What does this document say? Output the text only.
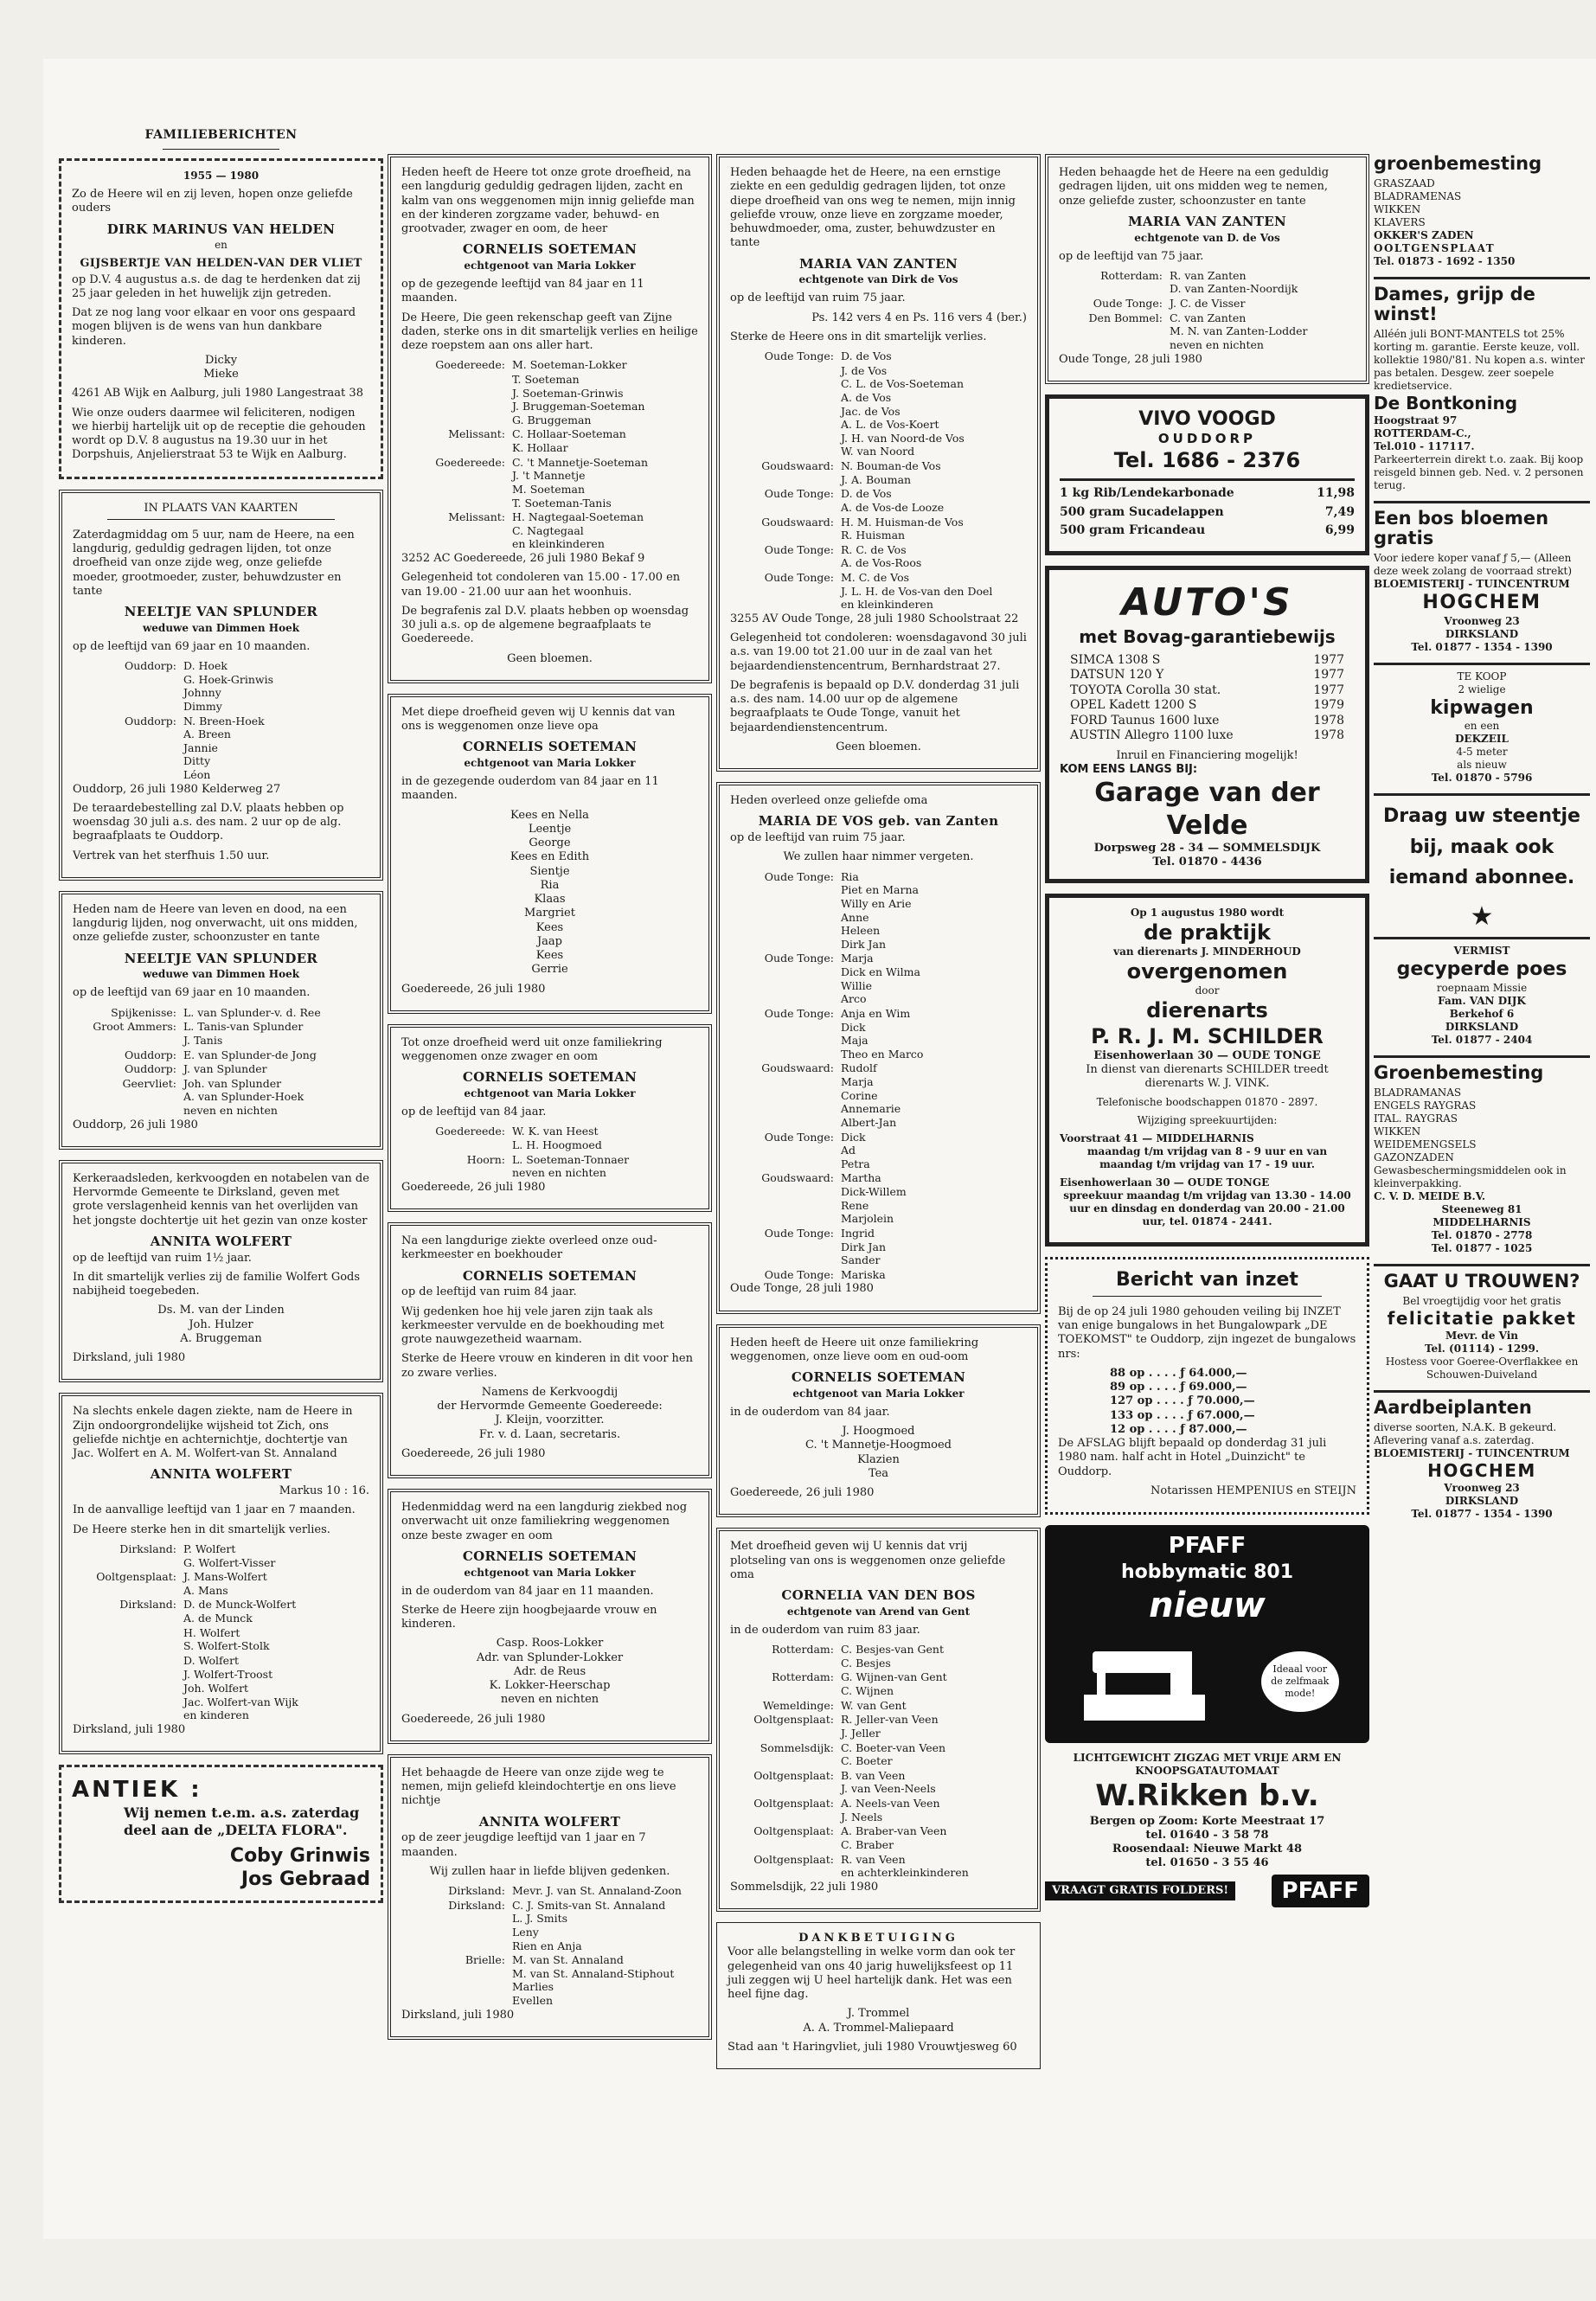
FAMILIEBERICHTEN

1955 — 1980

Zo de Heere wil en zij leven, hopen onze geliefde ouders

DIRK MARINUS VAN HELDEN
en
GIJSBERTJE VAN HELDEN-VAN DER VLIET

op D.V. 4 augustus a.s. de dag te herdenken dat zij 25 jaar geleden in het huwelijk zijn getreden.

Dat ze nog lang voor elkaar en voor ons gespaard mogen blijven is de wens van hun dankbare kinderen.

Dicky
Mieke

4261 AB Wijk en Aalburg, juli 1980 Langestraat 38

Wie onze ouders daarmee wil feliciteren, nodigen we hierbij hartelijk uit op de receptie die gehouden wordt op D.V. 8 augustus na 19.30 uur in het Dorpshuis, Anjelierstraat 53 te Wijk en Aalburg.

IN PLAATS VAN KAARTEN

Zaterdagmiddag om 5 uur, nam de Heere, na een langdurig, geduldig gedragen lijden, tot onze droefheid van onze zijde weg, onze geliefde moeder, grootmoeder, zuster, behuwdzuster en tante

NEELTJE VAN SPLUNDER
weduwe van Dimmen Hoek

op de leeftijd van 69 jaar en 10 maanden.

Ouddorp: D. Hoek
G. Hoek-Grinwis
Johnny
Dimmy
Ouddorp: N. Breen-Hoek
A. Breen
Jannie
Ditty
Léon

Ouddorp, 26 juli 1980 Kelderweg 27

De teraardebestelling zal D.V. plaats hebben op woensdag 30 juli a.s. des nam. 2 uur op de alg. begraafplaats te Ouddorp.

Vertrek van het sterfhuis 1.50 uur.

Heden nam de Heere van leven en dood, na een langdurig lijden, nog onverwacht, uit ons midden, onze geliefde zuster, schoonzuster en tante

NEELTJE VAN SPLUNDER
weduwe van Dimmen Hoek

op de leeftijd van 69 jaar en 10 maanden.

Spijkenisse: L. van Splunder-v. d. Ree
Groot Ammers: L. Tanis-van Splunder
J. Tanis
Ouddorp: E. van Splunder-de Jong
Ouddorp: J. van Splunder
Geervliet: Joh. van Splunder
A. van Splunder-Hoek
neven en nichten

Ouddorp, 26 juli 1980

Kerkeraadsleden, kerkvoogden en notabelen van de Hervormde Gemeente te Dirksland, geven met grote verslagenheid kennis van het overlijden van het jongste dochtertje uit het gezin van onze koster

ANNITA WOLFERT

op de leeftijd van ruim 1½ jaar.

In dit smartelijk verlies zij de familie Wolfert Gods nabijheid toegebeden.

Ds. M. van der Linden
Joh. Hulzer
A. Bruggeman

Dirksland, juli 1980

Na slechts enkele dagen ziekte, nam de Heere in Zijn ondoorgrondelijke wijsheid tot Zich, ons geliefde nichtje en achternichtje, dochtertje van Jac. Wolfert en A. M. Wolfert-van St. Annaland

ANNITA WOLFERT

Markus 10 : 16.

In de aanvallige leeftijd van 1 jaar en 7 maanden.

De Heere sterke hen in dit smartelijk verlies.

Dirksland: P. Wolfert
G. Wolfert-Visser
Ooltgensplaat: J. Mans-Wolfert
A. Mans
Dirksland: D. de Munck-Wolfert
A. de Munck
H. Wolfert
S. Wolfert-Stolk
D. Wolfert
J. Wolfert-Troost
Joh. Wolfert
Jac. Wolfert-van Wijk
en kinderen

Dirksland, juli 1980

ANTIEK :

Wij nemen t.e.m. a.s. zaterdag deel aan de „DELTA FLORA".

Coby Grinwis
Jos Gebraad

Heden heeft de Heere tot onze grote droefheid, na een langdurig geduldig gedragen lijden, zacht en kalm van ons weggenomen mijn innig geliefde man en der kinderen zorgzame vader, behuwd- en grootvader, zwager en oom, de heer

CORNELIS SOETEMAN
echtgenoot van Maria Lokker

op de gezegende leeftijd van 84 jaar en 11 maanden.

De Heere, Die geen rekenschap geeft van Zijne daden, sterke ons in dit smartelijk verlies en heilige deze roepstem aan ons aller hart.

Goedereede: M. Soeteman-Lokker
T. Soeteman
J. Soeteman-Grinwis
J. Bruggeman-Soeteman
G. Bruggeman
Melissant: C. Hollaar-Soeteman
K. Hollaar
Goedereede: C. 't Mannetje-Soeteman
J. 't Mannetje
M. Soeteman
T. Soeteman-Tanis
Melissant: H. Nagtegaal-Soeteman
C. Nagtegaal
en kleinkinderen

3252 AC Goedereede, 26 juli 1980 Bekaf 9

Gelegenheid tot condoleren van 15.00 - 17.00 en van 19.00 - 21.00 uur aan het woonhuis.

De begrafenis zal D.V. plaats hebben op woensdag 30 juli a.s. op de algemene begraafplaats te Goedereede.

Geen bloemen.

Met diepe droefheid geven wij U kennis dat van ons is weggenomen onze lieve opa

CORNELIS SOETEMAN
echtgenoot van Maria Lokker

in de gezegende ouderdom van 84 jaar en 11 maanden.

Kees en Nella
Leentje
George
Kees en Edith
Sientje
Ria
Klaas
Margriet
Kees
Jaap
Kees
Gerrie

Goedereede, 26 juli 1980

Tot onze droefheid werd uit onze familiekring weggenomen onze zwager en oom

CORNELIS SOETEMAN
echtgenoot van Maria Lokker

op de leeftijd van 84 jaar.

Goedereede: W. K. van Heest
L. H. Hoogmoed
Hoorn: L. Soeteman-Tonnaer
neven en nichten

Goedereede, 26 juli 1980

Na een langdurige ziekte overleed onze oud-kerkmeester en boekhouder

CORNELIS SOETEMAN

op de leeftijd van ruim 84 jaar.

Wij gedenken hoe hij vele jaren zijn taak als kerkmeester vervulde en de boekhouding met grote nauwgezetheid waarnam.

Sterke de Heere vrouw en kinderen in dit voor hen zo zware verlies.

Namens de Kerkvoogdij
der Hervormde Gemeente Goedereede:
J. Kleijn, voorzitter.
Fr. v. d. Laan, secretaris.

Goedereede, 26 juli 1980

Hedenmiddag werd na een langdurig ziekbed nog onverwacht uit onze familiekring weggenomen onze beste zwager en oom

CORNELIS SOETEMAN
echtgenoot van Maria Lokker

in de ouderdom van 84 jaar en 11 maanden.

Sterke de Heere zijn hoogbejaarde vrouw en kinderen.

Casp. Roos-Lokker
Adr. van Splunder-Lokker
Adr. de Reus
K. Lokker-Heerschap
neven en nichten

Goedereede, 26 juli 1980

Het behaagde de Heere van onze zijde weg te nemen, mijn geliefd kleindochtertje en ons lieve nichtje

ANNITA WOLFERT

op de zeer jeugdige leeftijd van 1 jaar en 7 maanden.

Wij zullen haar in liefde blijven gedenken.

Dirksland: Mevr. J. van St. Annaland-Zoon
Dirksland: C. J. Smits-van St. Annaland
L. J. Smits
Leny
Rien en Anja
Brielle: M. van St. Annaland
M. van St. Annaland-Stiphout
Marlies
Evellen

Dirksland, juli 1980

Heden behaagde het de Heere, na een ernstige ziekte en een geduldig gedragen lijden, tot onze diepe droefheid van ons weg te nemen, mijn innig geliefde vrouw, onze lieve en zorgzame moeder, behuwdmoeder, oma, zuster, behuwdzuster en tante

MARIA VAN ZANTEN
echtgenote van Dirk de Vos

op de leeftijd van ruim 75 jaar.

Ps. 142 vers 4 en Ps. 116 vers 4 (ber.)

Sterke de Heere ons in dit smartelijk verlies.

Oude Tonge: D. de Vos
J. de Vos
C. L. de Vos-Soeteman
A. de Vos
Jac. de Vos
A. L. de Vos-Koert
J. H. van Noord-de Vos
W. van Noord
Goudswaard: N. Bouman-de Vos
J. A. Bouman
Oude Tonge: D. de Vos
A. de Vos-de Looze
Goudswaard: H. M. Huisman-de Vos
R. Huisman
Oude Tonge: R. C. de Vos
A. de Vos-Roos
Oude Tonge: M. C. de Vos
J. L. H. de Vos-van den Doel
en kleinkinderen

3255 AV Oude Tonge, 28 juli 1980 Schoolstraat 22

Gelegenheid tot condoleren: woensdagavond 30 juli a.s. van 19.00 tot 21.00 uur in de zaal van het bejaardendienstencentrum, Bernhardstraat 27.

De begrafenis is bepaald op D.V. donderdag 31 juli a.s. des nam. 14.00 uur op de algemene begraafplaats te Oude Tonge, vanuit het bejaardendienstencentrum.

Geen bloemen.

Heden overleed onze geliefde oma

MARIA DE VOS geb. van Zanten

op de leeftijd van ruim 75 jaar.

We zullen haar nimmer vergeten.

Oude Tonge: Ria
Piet en Marna
Willy en Arie
Anne
Heleen
Dirk Jan
Oude Tonge: Marja
Dick en Wilma
Willie
Arco
Oude Tonge: Anja en Wim
Dick
Maja
Theo en Marco
Goudswaard: Rudolf
Marja
Corine
Annemarie
Albert-Jan
Oude Tonge: Dick
Ad
Petra
Goudswaard: Martha
Dick-Willem
Rene
Marjolein
Oude Tonge: Ingrid
Dirk Jan
Sander
Oude Tonge: Mariska

Oude Tonge, 28 juli 1980

Heden heeft de Heere uit onze familiekring weggenomen, onze lieve oom en oud-oom

CORNELIS SOETEMAN
echtgenoot van Maria Lokker

in de ouderdom van 84 jaar.

J. Hoogmoed
C. 't Mannetje-Hoogmoed
Klazien
Tea

Goedereede, 26 juli 1980

Met droefheid geven wij U kennis dat vrij plotseling van ons is weggenomen onze geliefde oma

CORNELIA VAN DEN BOS
echtgenote van Arend van Gent

in de ouderdom van ruim 83 jaar.

Rotterdam: C. Besjes-van Gent
C. Besjes
Rotterdam: G. Wijnen-van Gent
C. Wijnen
Wemeldinge: W. van Gent
Ooltgensplaat: R. Jeller-van Veen
J. Jeller
Sommelsdijk: C. Boeter-van Veen
C. Boeter
Ooltgensplaat: B. van Veen
J. van Veen-Neels
Ooltgensplaat: A. Neels-van Veen
J. Neels
Ooltgensplaat: A. Braber-van Veen
C. Braber
Ooltgensplaat: R. van Veen
en achterkleinkinderen

Sommelsdijk, 22 juli 1980

DANKBETUIGING

Voor alle belangstelling in welke vorm dan ook ter gelegenheid van ons 40 jarig huwelijksfeest op 11 juli zeggen wij U heel hartelijk dank. Het was een heel fijne dag.

J. Trommel
A. A. Trommel-Maliepaard

Stad aan 't Haringvliet, juli 1980 Vrouwtjesweg 60

Heden behaagde het de Heere na een geduldig gedragen lijden, uit ons midden weg te nemen, onze geliefde zuster, schoonzuster en tante

MARIA VAN ZANTEN
echtgenote van D. de Vos

op de leeftijd van 75 jaar.

Rotterdam: R. van Zanten
D. van Zanten-Noordijk
Oude Tonge: J. C. de Visser
Den Bommel: C. van Zanten
M. N. van Zanten-Lodder
neven en nichten

Oude Tonge, 28 juli 1980

VIVO VOOGD
OUDDORP
Tel. 1686 - 2376
1 kg Rib/Lendekarbonade	11,98
500 gram Sucadelappen	7,49
500 gram Fricandeau	6,99
AUTO'S
met Bovag-garantiebewijs
SIMCA 1308 S	1977
DATSUN 120 Y	1977
TOYOTA Corolla 30 stat.	1977
OPEL Kadett 1200 S	1979
FORD Taunus 1600 luxe	1978
AUSTIN Allegro 1100 luxe	1978
Inruil en Financiering mogelijk!
KOM EENS LANGS BIJ:
Garage van der Velde
Dorpsweg 28 - 34 — SOMMELSDIJK
Tel. 01870 - 4436
Op 1 augustus 1980 wordt
de praktijk
van dierenarts J. MINDERHOUD
overgenomen
door
dierenarts
P. R. J. M. SCHILDER
Eisenhowerlaan 30 — OUDE TONGE

In dienst van dierenarts SCHILDER treedt dierenarts W. J. VINK.

Telefonische boodschappen 01870 - 2897.

Wijziging spreekuurtijden:

Voorstraat 41 — MIDDELHARNIS

maandag t/m vrijdag van 8 - 9 uur en van maandag t/m vrijdag van 17 - 19 uur.

Eisenhowerlaan 30 — OUDE TONGE

spreekuur maandag t/m vrijdag van 13.30 - 14.00 uur en dinsdag en donderdag van 20.00 - 21.00 uur, tel. 01874 - 2441.

Bericht van inzet

Bij de op 24 juli 1980 gehouden veiling bij INZET van enige bungalows in het Bungalowpark „DE TOEKOMST" te Ouddorp, zijn ingezet de bungalows nrs:

88 op . . . . ƒ 64.000,—
89 op . . . . ƒ 69.000,—
127 op . . . . ƒ 70.000,—
133 op . . . . ƒ 67.000,—
12 op . . . . ƒ 87.000,—

De AFSLAG blijft bepaald op donderdag 31 juli 1980 nam. half acht in Hotel „Duinzicht" te Ouddorp.

Notarissen HEMPENIUS en STEIJN

PFAFF
hobbymatic 801
nieuw
Ideaal voor de zelfmaak mode!
LICHTGEWICHT ZIGZAG MET VRIJE ARM EN KNOOPSGATAUTOMAAT
W.Rikken b.v.
Bergen op Zoom: Korte Meestraat 17
tel. 01640 - 3 58 78
Roosendaal: Nieuwe Markt 48
tel. 01650 - 3 55 46
VRAAGT GRATIS FOLDERS!	PFAFF
groenbemesting
GRASZAAD
BLADRAMENAS
WIKKEN
KLAVERS
OKKER'S ZADEN
OOLTGENSPLAAT
Tel. 01873 - 1692 - 1350
Dames, grijp de winst!
Alléén juli BONT-MANTELS tot 25% korting m. garantie. Eerste keuze, voll. kollektie 1980/'81. Nu kopen a.s. winter pas betalen. Desgew. zeer soepele kredietservice.
De Bontkoning
Hoogstraat 97
ROTTERDAM-C.,
Tel.010 - 117117.
Parkeerterrein direkt t.o. zaak. Bij koop reisgeld binnen geb. Ned. v. 2 personen terug.
Een bos bloemen gratis
Voor iedere koper vanaf ƒ 5,— (Alleen deze week zolang de voorraad strekt)
BLOEMISTERIJ - TUINCENTRUM
HOGCHEM
Vroonweg 23
DIRKSLAND
Tel. 01877 - 1354 - 1390
TE KOOP
2 wielige
kipwagen
en een
DEKZEIL
4-5 meter
als nieuw
Tel. 01870 - 5796
Draag uw steentje bij, maak ook iemand abonnee.
★
VERMIST
gecyperde poes
roepnaam Missie
Fam. VAN DIJK
Berkehof 6
DIRKSLAND
Tel. 01877 - 2404
Groenbemesting
BLADRAMANAS
ENGELS RAYGRAS
ITAL. RAYGRAS
WIKKEN
WEIDEMENGSELS
GAZONZADEN
Gewasbeschermingsmiddelen ook in kleinverpakking.
C. V. D. MEIDE B.V.
Steeneweg 81
MIDDELHARNIS
Tel. 01870 - 2778
Tel. 01877 - 1025
GAAT U TROUWEN?
Bel vroegtijdig voor het gratis
felicitatie pakket
Mevr. de Vin
Tel. (01114) - 1299.
Hostess voor Goeree-Overflakkee en Schouwen-Duiveland
Aardbeiplanten
diverse soorten, N.A.K. B gekeurd. Aflevering vanaf a.s. zaterdag.
BLOEMISTERIJ - TUINCENTRUM
HOGCHEM
Vroonweg 23
DIRKSLAND
Tel. 01877 - 1354 - 1390
